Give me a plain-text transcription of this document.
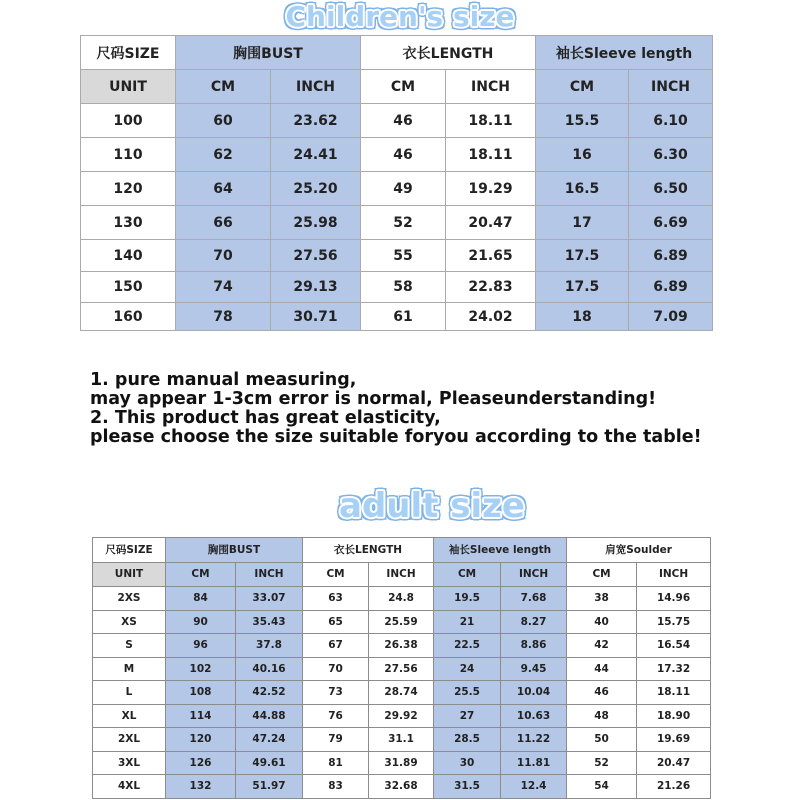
Children's size
尺码SIZE	胸围BUST		衣长LENGTH		袖长Sleeve length	
UNIT	CM	INCH	CM	INCH	CM	INCH
100	60	23.62	46	18.11	15.5	6.10
110	62	24.41	46	18.11	16	6.30
120	64	25.20	49	19.29	16.5	6.50
130	66	25.98	52	20.47	17	6.69
140	70	27.56	55	21.65	17.5	6.89
150	74	29.13	58	22.83	17.5	6.89
160	78	30.71	61	24.02	18	7.09
1. pure manual measuring,
may appear 1-3cm error is normal, Pleaseunderstanding!
2. This product has great elasticity,
please choose the size suitable foryou according to the table!
adult size
尺码SIZE	胸围BUST		衣长LENGTH		袖长Sleeve length		肩宽Soulder	
UNIT	CM	INCH	CM	INCH	CM	INCH	CM	INCH
2XS	84	33.07	63	24.8	19.5	7.68	38	14.96
XS	90	35.43	65	25.59	21	8.27	40	15.75
S	96	37.8	67	26.38	22.5	8.86	42	16.54
M	102	40.16	70	27.56	24	9.45	44	17.32
L	108	42.52	73	28.74	25.5	10.04	46	18.11
XL	114	44.88	76	29.92	27	10.63	48	18.90
2XL	120	47.24	79	31.1	28.5	11.22	50	19.69
3XL	126	49.61	81	31.89	30	11.81	52	20.47
4XL	132	51.97	83	32.68	31.5	12.4	54	21.26
